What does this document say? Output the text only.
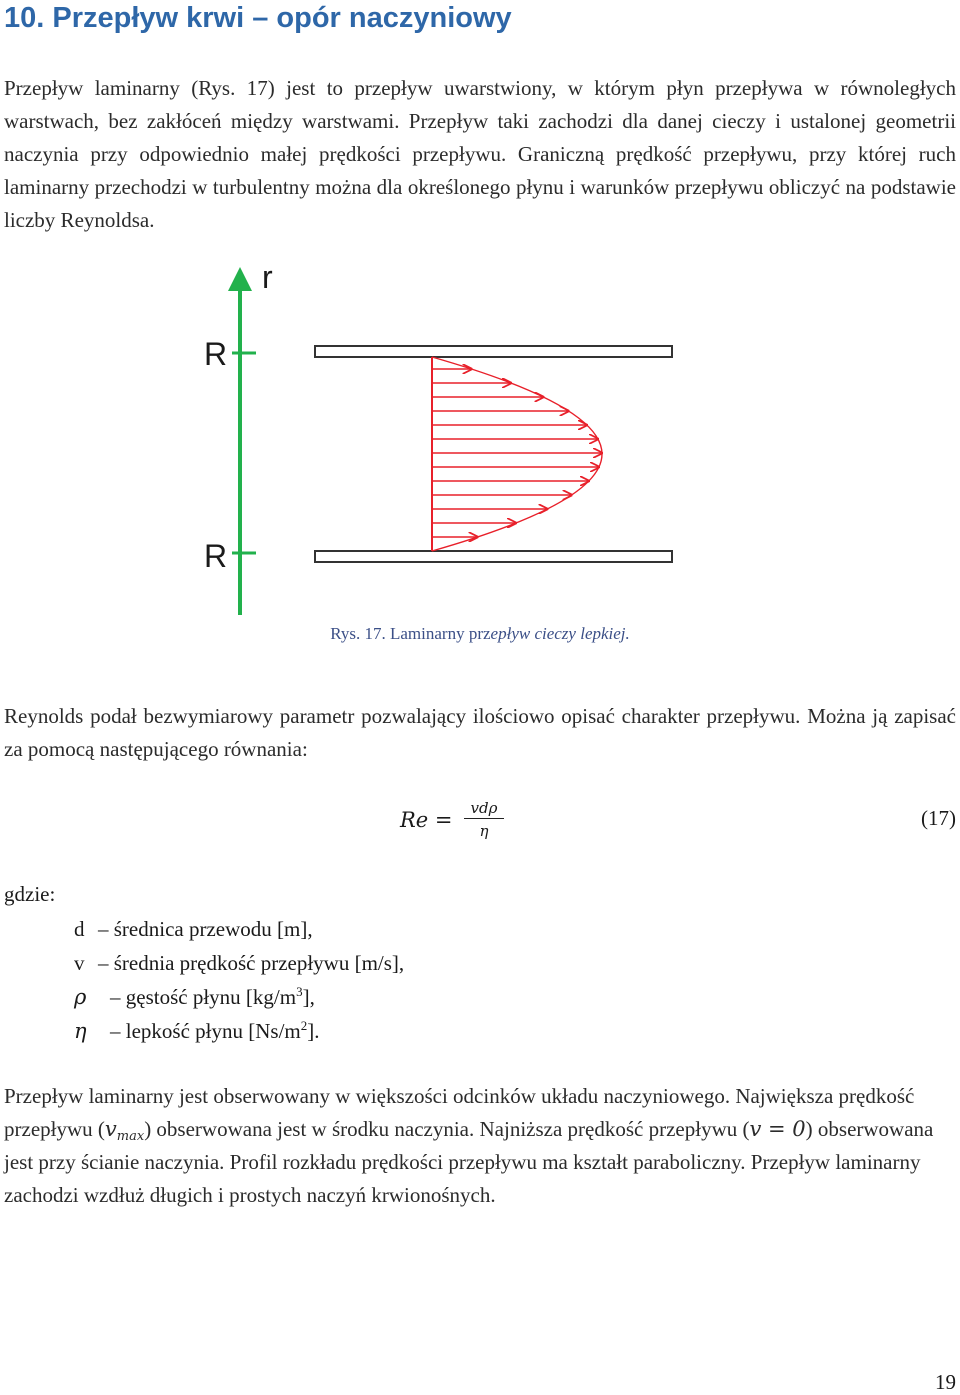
10. Przepływ krwi – opór naczyniowy

Przepływ laminarny (Rys. 17) jest to przepływ uwarstwiony, w którym płyn przepływa w równoległych warstwach, bez zakłóceń między warstwami. Przepływ taki zachodzi dla danej cieczy i ustalonej geometrii naczynia przy odpowiednio małej prędkości przepływu. Graniczną prędkość przepływu, przy której ruch laminarny przechodzi w turbulentny można dla określonego płynu i warunków przepływu obliczyć na podstawie liczby Reynoldsa.

r
R
R
Rys. 17. Laminarny przepływ cieczy lepkiej.

Reynolds podał bezwymiarowy parametr pozwalający ilościowo opisać charakter przepływu. Można ją zapisać za pomocą następującego równania:

Re =	vdρ
η
(17)
gdzie:
d – średnica przewodu [m],
v – średnia prędkość przepływu [m/s],
ρ – gęstość płynu $[kg/m^3]$,
η – lepkość płynu $[Ns/m^2]$.

Przepływ laminarny jest obserwowany w większości odcinków układu naczyniowego. Największa prędkość przepływu $(v_{max})$ obserwowana jest w środku naczynia. Najniższa prędkość przepływu (v = 0) obserwowana jest przy ścianie naczynia. Profil rozkładu prędkości przepływu ma kształt paraboliczny. Przepływ laminarny zachodzi wzdłuż długich i prostych naczyń krwionośnych.

19
